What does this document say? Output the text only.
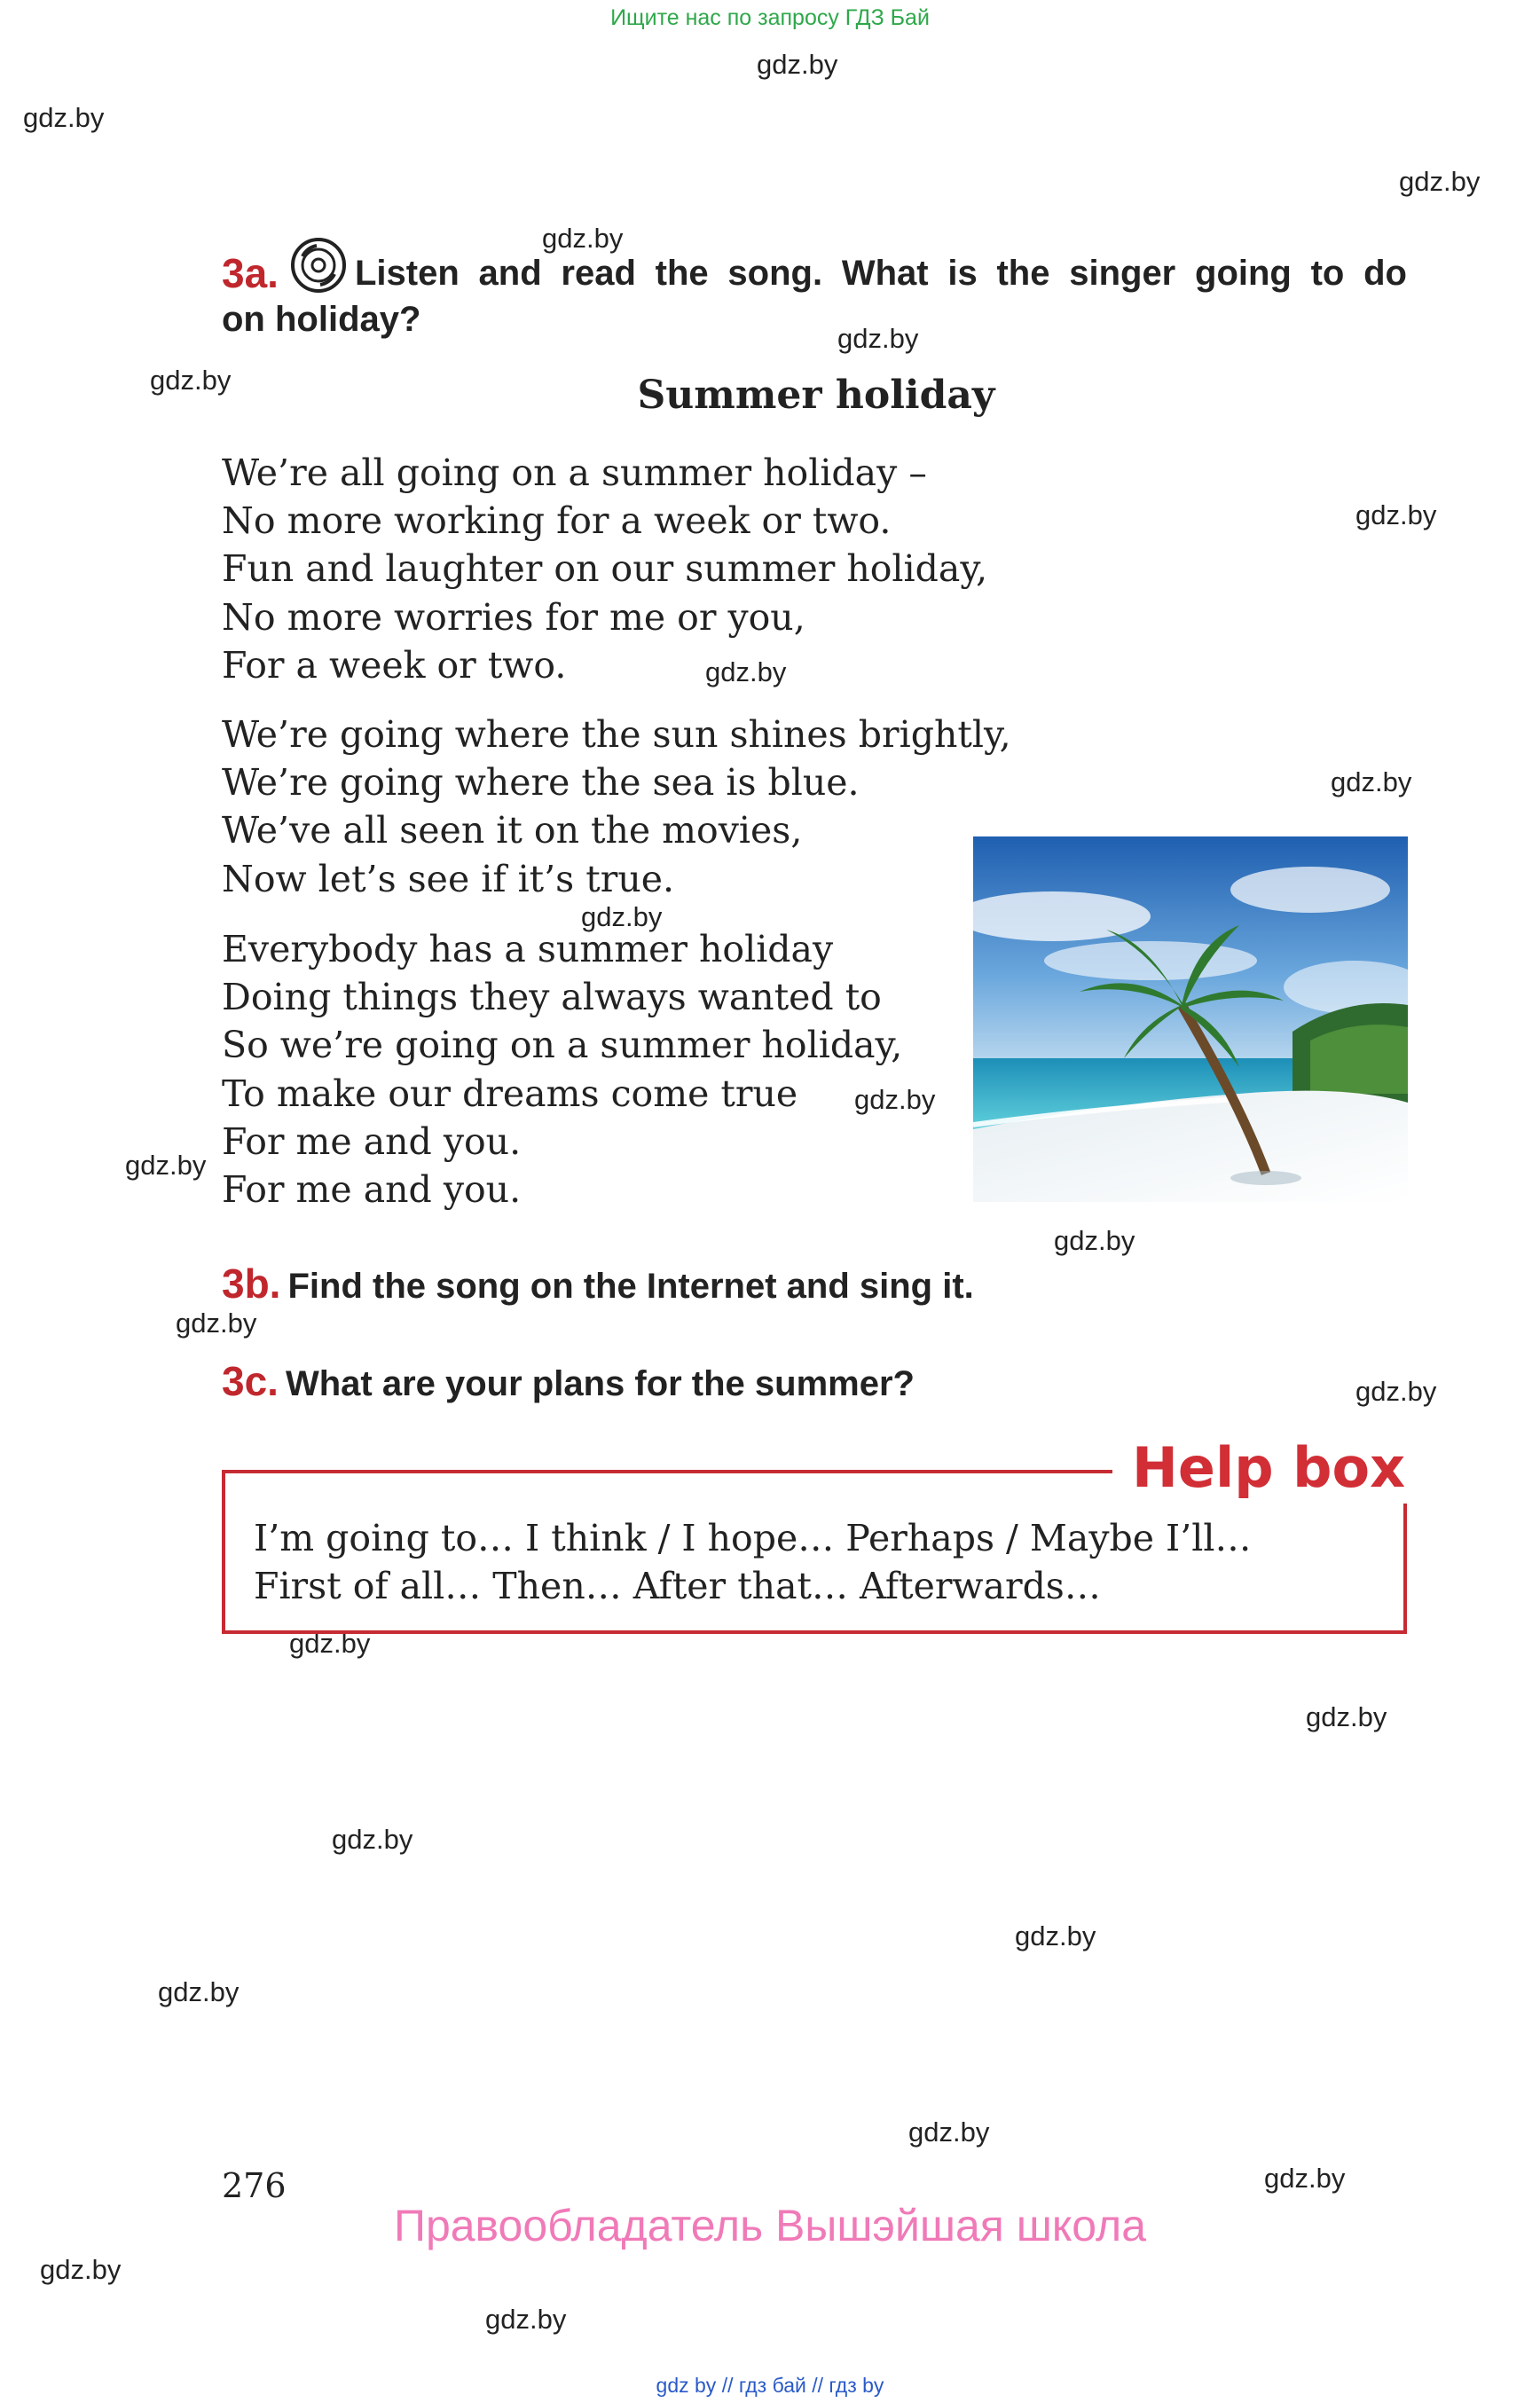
Ищите нас по запросу ГДЗ Бай
gdz.by
gdz.by
gdz.by
gdz.by
gdz.by
gdz.by
gdz.by
gdz.by
gdz.by
gdz.by
gdz.by
gdz.by
gdz.by
gdz.by
gdz.by
gdz.by
gdz.by
gdz.by
gdz.by
gdz.by
gdz.by
gdz.by
gdz.by
gdz.by
3a. Listen and read the song. What is the singer going to do
on holiday?
Summer holiday
We’re all going on a summer holiday –
No more working for a week or two.
Fun and laughter on our summer holiday,
No more worries for me or you,
For a week or two.
We’re going where the sun shines brightly,
We’re going where the sea is blue.
We’ve all seen it on the movies,
Now let’s see if it’s true.
Everybody has a summer holiday
Doing things they always wanted to
So we’re going on a summer holiday,
To make our dreams come true
For me and you.
For me and you.
3b. Find the song on the Internet and sing it.
3c. What are your plans for the summer?
Help box
I’m going to… I think / I hope… Perhaps / Maybe I’ll…
First of all… Then… After that… Afterwards…
276
Правообладатель Вышэйшая школа
gdz by // гдз бай // гдз by
